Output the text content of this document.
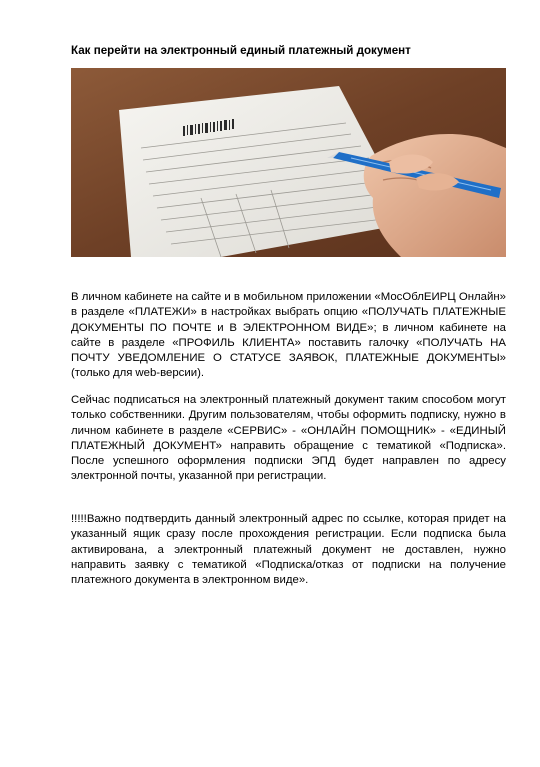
Как перейти на электронный единый платежный документ

В личном кабинете на сайте и в мобильном приложении «МосОблЕИРЦ Онлайн» в разделе «ПЛАТЕЖИ» в настройках выбрать опцию «ПОЛУЧАТЬ ПЛАТЕЖНЫЕ ДОКУМЕНТЫ ПО ПОЧТЕ и В ЭЛЕКТРОННОМ ВИДЕ»; в личном кабинете на сайте в разделе «ПРОФИЛЬ КЛИЕНТА» поставить галочку «ПОЛУЧАТЬ НА ПОЧТУ УВЕДОМЛЕНИЕ О СТАТУСЕ ЗАЯВОК, ПЛАТЕЖНЫЕ ДОКУМЕНТЫ» (только для web-версии).

Сейчас подписаться на электронный платежный документ таким способом могут только собственники. Другим пользователям, чтобы оформить подписку, нужно в личном кабинете в разделе «СЕРВИС» - «ОНЛАЙН ПОМОЩНИК» - «ЕДИНЫЙ ПЛАТЕЖНЫЙ ДОКУМЕНТ» направить обращение с тематикой «Подписка». После успешного оформления подписки ЭПД будет направлен по адресу электронной почты, указанной при регистрации.

!!!!!Важно подтвердить данный электронный адрес по ссылке, которая придет на указанный ящик сразу после прохождения регистрации. Если подписка была активирована, а электронный платежный документ не доставлен, нужно направить заявку с тематикой «Подписка/отказ от подписки на получение платежного документа в электронном виде».
